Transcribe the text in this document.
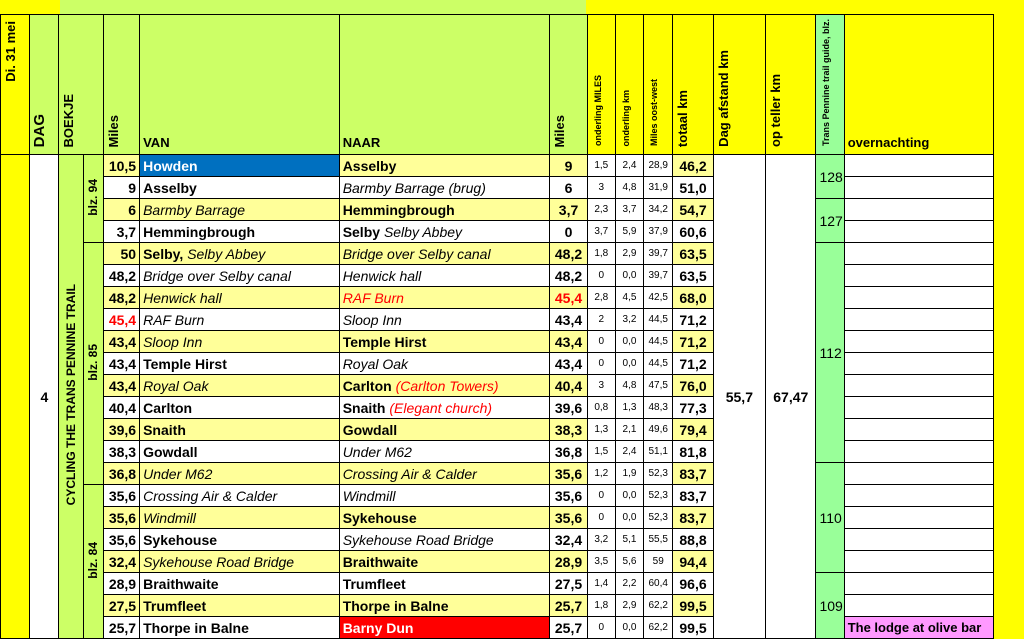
Di. 31 mei	DAG	BOEKJE		Miles	VAN	NAAR	Miles	onderling MILES	onderling km	Miles oost-west	totaal km	Dag afstand km	op teller km	Trans Pennine trail guide, blz.	overnachting
	4	CYCLING THE TRANS PENNINE TRAIL	blz. 94	10,5	Howden	Asselby	9	1,5	2,4	28,9	46,2	55,7	67,47	128	
				9	Asselby	Barmby Barrage (brug)	6	3	4,8	31,9	51,0				
				6	Barmby Barrage	Hemmingbrough	3,7	2,3	3,7	34,2	54,7			127	
				3,7	Hemmingbrough	Selby Selby Abbey	0	3,7	5,9	37,9	60,6				
			blz. 85	50	Selby, Selby Abbey	Bridge over Selby canal	48,2	1,8	2,9	39,7	63,5			112	
				48,2	Bridge over Selby canal	Henwick hall	48,2	0	0,0	39,7	63,5				
				48,2	Henwick hall	RAF Burn	45,4	2,8	4,5	42,5	68,0				
				45,4	RAF Burn	Sloop Inn	43,4	2	3,2	44,5	71,2				
				43,4	Sloop Inn	Temple Hirst	43,4	0	0,0	44,5	71,2				
				43,4	Temple Hirst	Royal Oak	43,4	0	0,0	44,5	71,2				
				43,4	Royal Oak	Carlton (Carlton Towers)	40,4	3	4,8	47,5	76,0				
				40,4	Carlton	Snaith (Elegant church)	39,6	0,8	1,3	48,3	77,3				
				39,6	Snaith	Gowdall	38,3	1,3	2,1	49,6	79,4				
				38,3	Gowdall	Under M62	36,8	1,5	2,4	51,1	81,8				
				36,8	Under M62	Crossing Air & Calder	35,6	1,2	1,9	52,3	83,7			110	
			blz. 84	35,6	Crossing Air & Calder	Windmill	35,6	0	0,0	52,3	83,7				
				35,6	Windmill	Sykehouse	35,6	0	0,0	52,3	83,7				
				35,6	Sykehouse	Sykehouse Road Bridge	32,4	3,2	5,1	55,5	88,8				
				32,4	Sykehouse Road Bridge	Braithwaite	28,9	3,5	5,6	59	94,4				
				28,9	Braithwaite	Trumfleet	27,5	1,4	2,2	60,4	96,6			109	
				27,5	Trumfleet	Thorpe in Balne	25,7	1,8	2,9	62,2	99,5				
				25,7	Thorpe in Balne	Barny Dun	25,7	0	0,0	62,2	99,5				The lodge at olive bar
